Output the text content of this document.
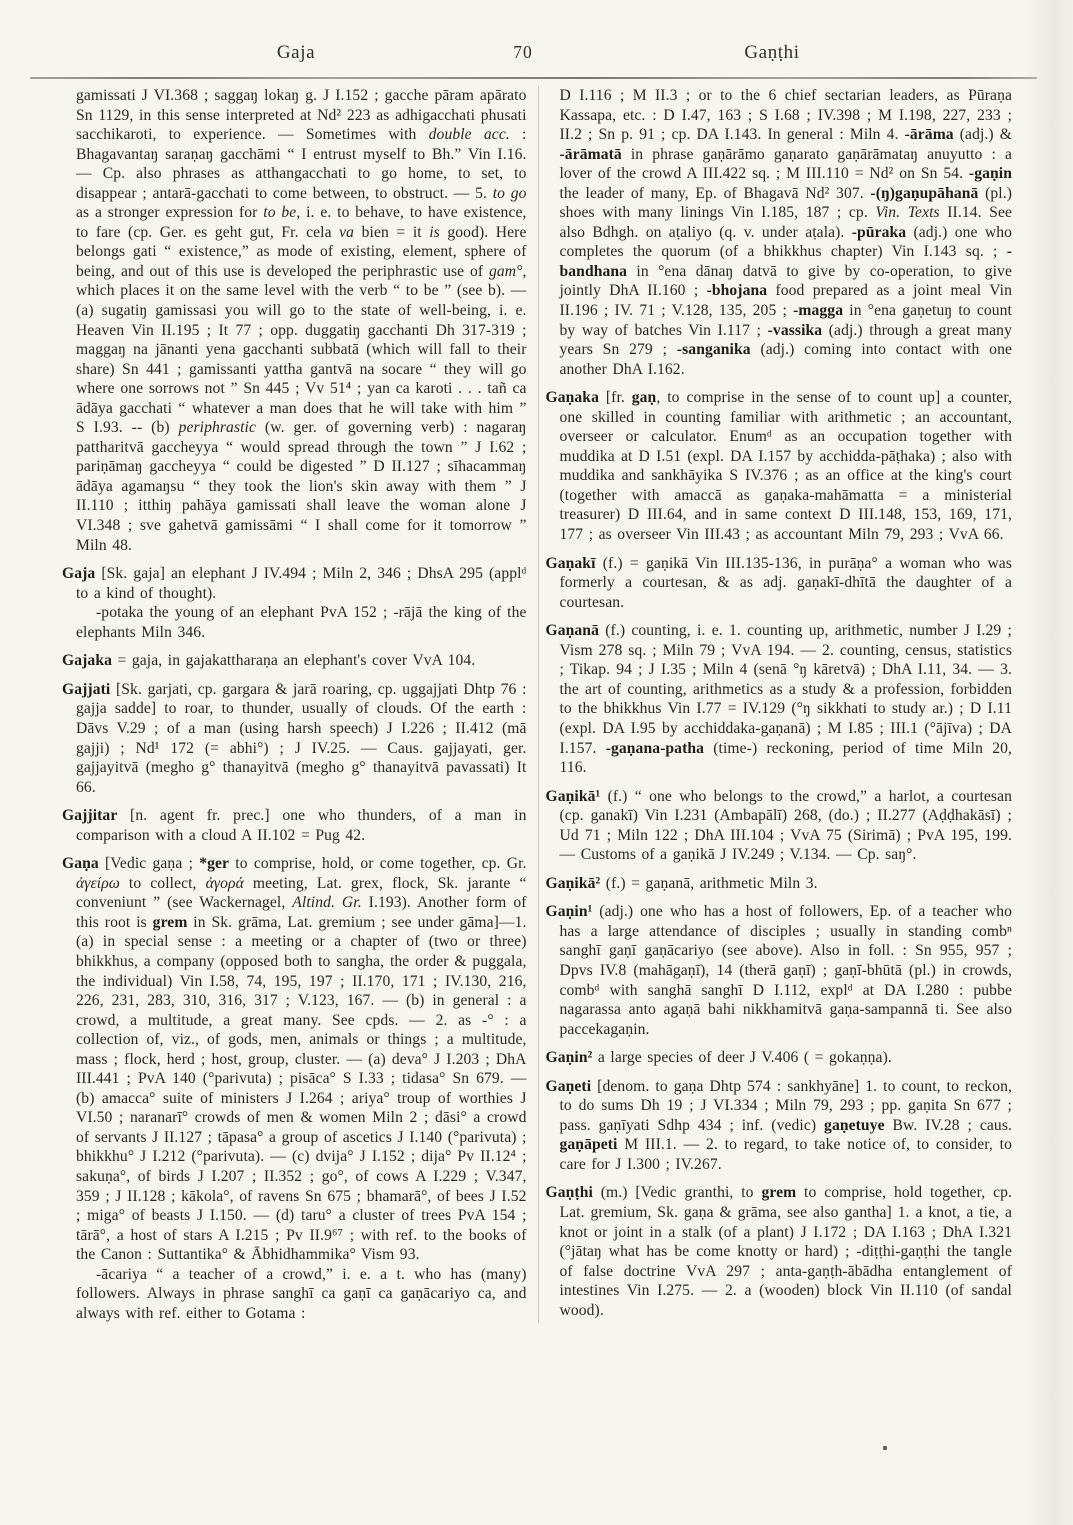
Gaja	70	Gaṇṭhi

gamissati J VI.368 ; saggaŋ lokaŋ g. J I.152 ; gacche pāram apārato Sn 1129, in this sense interpreted at Nd² 223 as adhigacchati phusati sacchikaroti, to experience. — Sometimes with double acc. : Bhagavantaŋ saraṇaŋ gacchāmi “ I entrust myself to Bh.” Vin I.16. — Cp. also phrases as atthangacchati to go home, to set, to disappear ; antarā-gacchati to come between, to obstruct. — 5. to go as a stronger expression for to be, i. e. to behave, to have existence, to fare (cp. Ger. es geht gut, Fr. cela va bien = it is good). Here belongs gati “ existence,” as mode of existing, element, sphere of being, and out of this use is developed the periphrastic use of gam°, which places it on the same level with the verb “ to be ” (see b). — (a) sugatiŋ gamissasi you will go to the state of well-being, i. e. Heaven Vin II.195 ; It 77 ; opp. duggatiŋ gacchanti Dh 317-319 ; maggaŋ na jānanti yena gacchanti subbatā (which will fall to their share) Sn 441 ; gamissanti yattha gantvā na socare “ they will go where one sorrows not ” Sn 445 ; Vv 51⁴ ; yan ca karoti . . . tañ ca ādāya gacchati “ whatever a man does that he will take with him ” S I.93. -- (b) periphrastic (w. ger. of governing verb) : nagaraŋ pattharitvā gaccheyya “ would spread through the town ” J I.62 ; pariṇāmaŋ gaccheyya “ could be digested ” D II.127 ; sīhacammaŋ ādāya agamaŋsu “ they took the lion's skin away with them ” J II.110 ; itthiŋ pahāya gamissati shall leave the woman alone J VI.348 ; sve gahetvā gamissāmi “ I shall come for it tomorrow ” Miln 48.

Gaja [Sk. gaja] an elephant J IV.494 ; Miln 2, 346 ; DhsA 295 (applᵈ to a kind of thought).

-potaka the young of an elephant PvA 152 ; -rājā the king of the elephants Miln 346.

Gajaka = gaja, in gajakattharaṇa an elephant's cover VvA 104.

Gajjati [Sk. garjati, cp. gargara & jarā roaring, cp. uggajjati Dhtp 76 : gajja sadde] to roar, to thunder, usually of clouds. Of the earth : Dāvs V.29 ; of a man (using harsh speech) J I.226 ; II.412 (mā gajji) ; Nd¹ 172 (= abhi°) ; J IV.25. — Caus. gajjayati, ger. gajjayitvā (megho g° thanayitvā (megho g° thanayitvā pavassati) It 66.

Gajjitar [n. agent fr. prec.] one who thunders, of a man in comparison with a cloud A II.102 = Pug 42.

Gaṇa [Vedic gaṇa ; *ger to comprise, hold, or come together, cp. Gr. ἀγείρω to collect, ἀγορά meeting, Lat. grex, flock, Sk. jarante “ conveniunt ” (see Wackernagel, Altind. Gr. I.193). Another form of this root is grem in Sk. grāma, Lat. gremium ; see under gāma]—1. (a) in special sense : a meeting or a chapter of (two or three) bhikkhus, a company (opposed both to sangha, the order & puggala, the individual) Vin I.58, 74, 195, 197 ; II.170, 171 ; IV.130, 216, 226, 231, 283, 310, 316, 317 ; V.123, 167. — (b) in general : a crowd, a multitude, a great many. See cpds. — 2. as -° : a collection of, viz., of gods, men, animals or things ; a multitude, mass ; flock, herd ; host, group, cluster. — (a) deva° J I.203 ; DhA III.441 ; PvA 140 (°parivuta) ; pisāca° S I.33 ; tidasa° Sn 679. — (b) amacca° suite of ministers J I.264 ; ariya° troup of worthies J VI.50 ; naranarī° crowds of men & women Miln 2 ; dāsi° a crowd of servants J II.127 ; tāpasa° a group of ascetics J I.140 (°parivuta) ; bhikkhu° J I.212 (°parivuta). — (c) dvija° J I.152 ; dija° Pv II.12⁴ ; sakuṇa°, of birds J I.207 ; II.352 ; go°, of cows A I.229 ; V.347, 359 ; J II.128 ; kākola°, of ravens Sn 675 ; bhamarā°, of bees J I.52 ; miga° of beasts J I.150. — (d) taru° a cluster of trees PvA 154 ; tārā°, a host of stars A I.215 ; Pv II.9⁶⁷ ; with ref. to the books of the Canon : Suttantika° & Ābhidhammika° Vism 93.

-ācariya “ a teacher of a crowd,” i. e. a t. who has (many) followers. Always in phrase sanghī ca gaṇī ca gaṇācariyo ca, and always with ref. either to Gotama :

D I.116 ; M II.3 ; or to the 6 chief sectarian leaders, as Pūraṇa Kassapa, etc. : D I.47, 163 ; S I.68 ; IV.398 ; M I.198, 227, 233 ; II.2 ; Sn p. 91 ; cp. DA I.143. In general : Miln 4. -ārāma (adj.) & -ārāmatā in phrase gaṇārāmo gaṇarato gaṇārāmataŋ anuyutto : a lover of the crowd A III.422 sq. ; M III.110 = Nd² on Sn 54. -gaṇin the leader of many, Ep. of Bhagavā Nd² 307. -(ŋ)gaṇupāhanā (pl.) shoes with many linings Vin I.185, 187 ; cp. Vin. Texts II.14. See also Bdhgh. on aṭaliyo (q. v. under aṭala). -pūraka (adj.) one who completes the quorum (of a bhikkhus chapter) Vin I.143 sq. ; -bandhana in °ena dānaŋ datvā to give by co-operation, to give jointly DhA II.160 ; -bhojana food prepared as a joint meal Vin II.196 ; IV. 71 ; V.128, 135, 205 ; -magga in °ena gaṇetuŋ to count by way of batches Vin I.117 ; -vassika (adj.) through a great many years Sn 279 ; -sanganika (adj.) coming into contact with one another DhA I.162.

Gaṇaka [fr. gaṇ, to comprise in the sense of to count up] a counter, one skilled in counting familiar with arithmetic ; an accountant, overseer or calculator. Enumᵈ as an occupation together with muddika at D I.51 (expl. DA I.157 by acchidda-pāṭhaka) ; also with muddika and sankhāyika S IV.376 ; as an office at the king's court (together with amaccā as gaṇaka-mahāmatta = a ministerial treasurer) D III.64, and in same context D III.148, 153, 169, 171, 177 ; as overseer Vin III.43 ; as accountant Miln 79, 293 ; VvA 66.

Gaṇakī (f.) = gaṇikā Vin III.135-136, in purāṇa° a woman who was formerly a courtesan, & as adj. gaṇakī-dhītā the daughter of a courtesan.

Gaṇanā (f.) counting, i. e. 1. counting up, arithmetic, number J I.29 ; Vism 278 sq. ; Miln 79 ; VvA 194. — 2. counting, census, statistics ; Tikap. 94 ; J I.35 ; Miln 4 (senā °ŋ kāretvā) ; DhA I.11, 34. — 3. the art of counting, arithmetics as a study & a profession, forbidden to the bhikkhus Vin I.77 = IV.129 (°ŋ sikkhati to study ar.) ; D I.11 (expl. DA I.95 by acchiddaka-gaṇanā) ; M I.85 ; III.1 (°ājīva) ; DA I.157. -gaṇana-patha (time-) reckoning, period of time Miln 20, 116.

Gaṇikā¹ (f.) “ one who belongs to the crowd,” a harlot, a courtesan (cp. ganakī) Vin I.231 (Ambapālī) 268, (do.) ; II.277 (Aḍḍhakāsī) ; Ud 71 ; Miln 122 ; DhA III.104 ; VvA 75 (Sirimā) ; PvA 195, 199. — Customs of a gaṇikā J IV.249 ; V.134. — Cp. saŋ°.

Gaṇikā² (f.) = gaṇanā, arithmetic Miln 3.

Gaṇin¹ (adj.) one who has a host of followers, Ep. of a teacher who has a large attendance of disciples ; usually in standing combⁿ sanghī gaṇī gaṇācariyo (see above). Also in foll. : Sn 955, 957 ; Dpvs IV.8 (mahāgaṇī), 14 (therā gaṇī) ; gaṇī-bhūtā (pl.) in crowds, combᵈ with sanghā sanghī D I.112, explᵈ at DA I.280 : pubbe nagarassa anto agaṇā bahi nikkhamitvā gaṇa-sampannā ti. See also paccekagaṇin.

Gaṇin² a large species of deer J V.406 ( = gokaṇṇa).

Gaṇeti [denom. to gaṇa Dhtp 574 : sankhyāne] 1. to count, to reckon, to do sums Dh 19 ; J VI.334 ; Miln 79, 293 ; pp. gaṇita Sn 677 ; pass. gaṇīyati Sdhp 434 ; inf. (vedic) gaṇetuye Bw. IV.28 ; caus. gaṇāpeti M III.1. — 2. to regard, to take notice of, to consider, to care for J I.300 ; IV.267.

Gaṇṭhi (m.) [Vedic granthi, to grem to comprise, hold together, cp. Lat. gremium, Sk. gaṇa & grāma, see also gantha] 1. a knot, a tie, a knot or joint in a stalk (of a plant) J I.172 ; DA I.163 ; DhA I.321 (°jātaŋ what has be come knotty or hard) ; -diṭṭhi-gaṇṭhi the tangle of false doctrine VvA 297 ; anta-gaṇṭh-ābādha entanglement of intestines Vin I.275. — 2. a (wooden) block Vin II.110 (of sandal wood).
